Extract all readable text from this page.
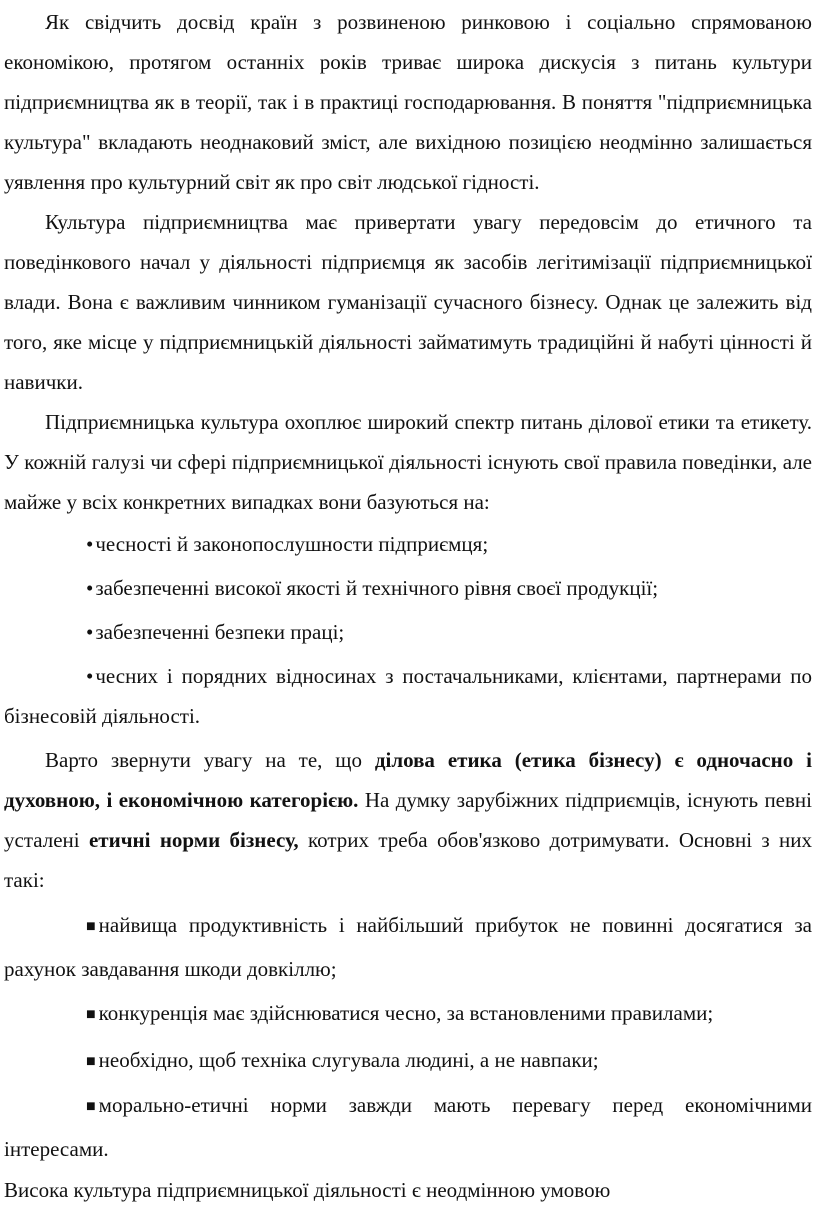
Як свідчить досвід країн з розвиненою ринковою і соціально спрямованою економікою, протягом останніх років триває широка дискусія з питань культури підприємництва як в теорії, так і в практиці господарювання. В поняття "підприємницька культура" вкладають неоднаковий зміст, але вихідною позицією неодмінно залишається уявлення про культурний світ як про світ людської гідності.

Культура підприємництва має привертати увагу передовсім до етичного та поведінкового начал у діяльності підприємця як засобів легітимізації підприємницької влади. Вона є важливим чинником гуманізації сучасного бізнесу. Однак це залежить від того, яке місце у підприємницькій діяльності займатимуть традиційні й набуті цінності й навички.

Підприємницька культура охоплює широкий спектр питань ділової етики та етикету. У кожній галузі чи сфері підприємницької діяльності існують свої правила поведінки, але майже у всіх конкретних випадках вони базуються на:

•чесності й законопослушности підприємця;

•забезпеченні високої якості й технічного рівня своєї продукції;

•забезпеченні безпеки праці;

•чесних і порядних відносинах з постачальниками, клієнтами, партнерами по бізнесовій діяльності.

Варто звернути увагу на те, що ділова етика (етика бізнесу) є одночасно і духовною, і економічною категорією. На думку зарубіжних підприємців, існують певні усталені етичні норми бізнесу, котрих треба обов'язково дотримувати. Основні з них такі:

■ найвища продуктивність і найбільший прибуток не повинні досягатися за рахунок завдавання шкоди довкіллю;

■ конкуренція має здійснюватися чесно, за встановленими правилами;

■ необхідно, щоб техніка слугувала людині, а не навпаки;

■ морально-етичні норми завжди мають перевагу перед економічними інтересами.

Висока культура підприємницької діяльності є неодмінною умовою
